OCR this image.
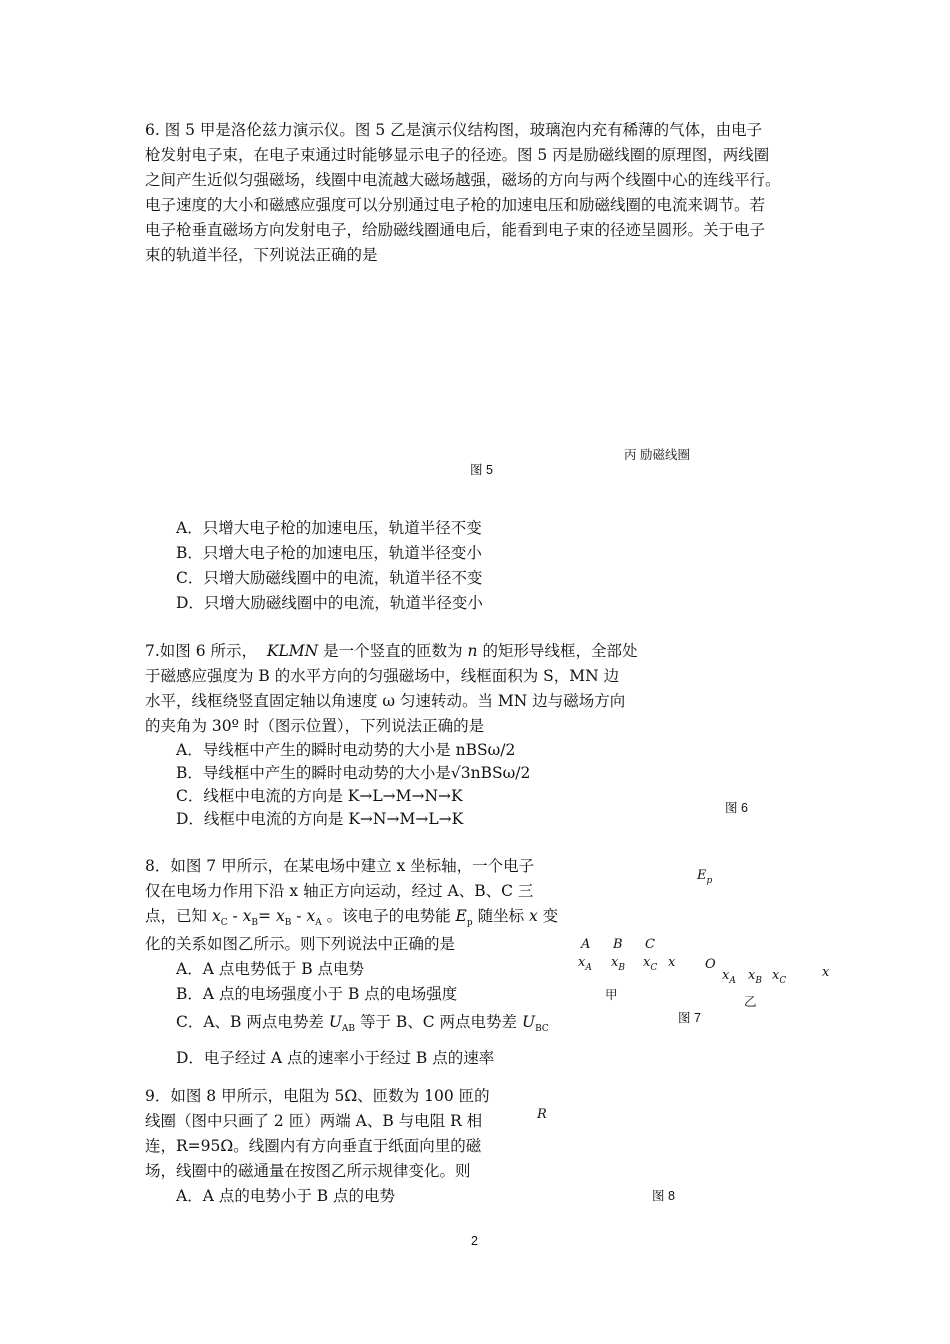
6. 图 5 甲是洛伦兹力演示仪。图 5 乙是演示仪结构图，玻璃泡内充有稀薄的气体，由电子
枪发射电子束，在电子束通过时能够显示电子的径迹。图 5 丙是励磁线圈的原理图，两线圈
之间产生近似匀强磁场，线圈中电流越大磁场越强，磁场的方向与两个线圈中心的连线平行。
电子速度的大小和磁感应强度可以分别通过电子枪的加速电压和励磁线圈的电流来调节。若
电子枪垂直磁场方向发射电子，给励磁线圈通电后，能看到电子束的径迹呈圆形。关于电子
束的轨道半径，下列说法正确的是
丙 励磁线圈
图 5
A．只增大电子枪的加速电压，轨道半径不变
B．只增大电子枪的加速电压，轨道半径变小
C．只增大励磁线圈中的电流，轨道半径不变
D．只增大励磁线圈中的电流，轨道半径变小
7.如图 6 所示， KLMN 是一个竖直的匝数为 n 的矩形导线框，全部处
于磁感应强度为 B 的水平方向的匀强磁场中，线框面积为 S，MN 边
水平，线框绕竖直固定轴以角速度 ω 匀速转动。当 MN 边与磁场方向
的夹角为 30º 时（图示位置），下列说法正确的是
A．导线框中产生的瞬时电动势的大小是 nBSω/2
B．导线框中产生的瞬时电动势的大小是√3nBSω/2
C．线框中电流的方向是 K→L→M→N→K
D．线框中电流的方向是 K→N→M→L→K
图 6
8．如图 7 甲所示，在某电场中建立 x 坐标轴，一个电子
仅在电场力作用下沿 x 轴正方向运动，经过 A、B、C 三
点，已知 $x_C - x_B= x_B - x_A$ 。该电子的电势能 $E_p$ 随坐标 x 变
化的关系如图乙所示。则下列说法中正确的是
A．A 点电势低于 B 点电势
B．A 点的电场强度小于 B 点的电场强度
C．A、B 两点电势差 $U_{AB}$ 等于 B、C 两点电势差 $U_{BC}$
D．电子经过 A 点的速率小于经过 B 点的速率
$E_p$
A B C
$x_A$ $x_B$ $x_C$ x O
$x_A$ $x_B$ $x_C$
x
甲	乙
图 7
9．如图 8 甲所示，电阻为 5Ω、匝数为 100 匝的
线圈（图中只画了 2 匝）两端 A、B 与电阻 R 相
连，R=95Ω。线圈内有方向垂直于纸面向里的磁
场，线圈中的磁通量在按图乙所示规律变化。则
A．A 点的电势小于 B 点的电势
R
图 8
2
